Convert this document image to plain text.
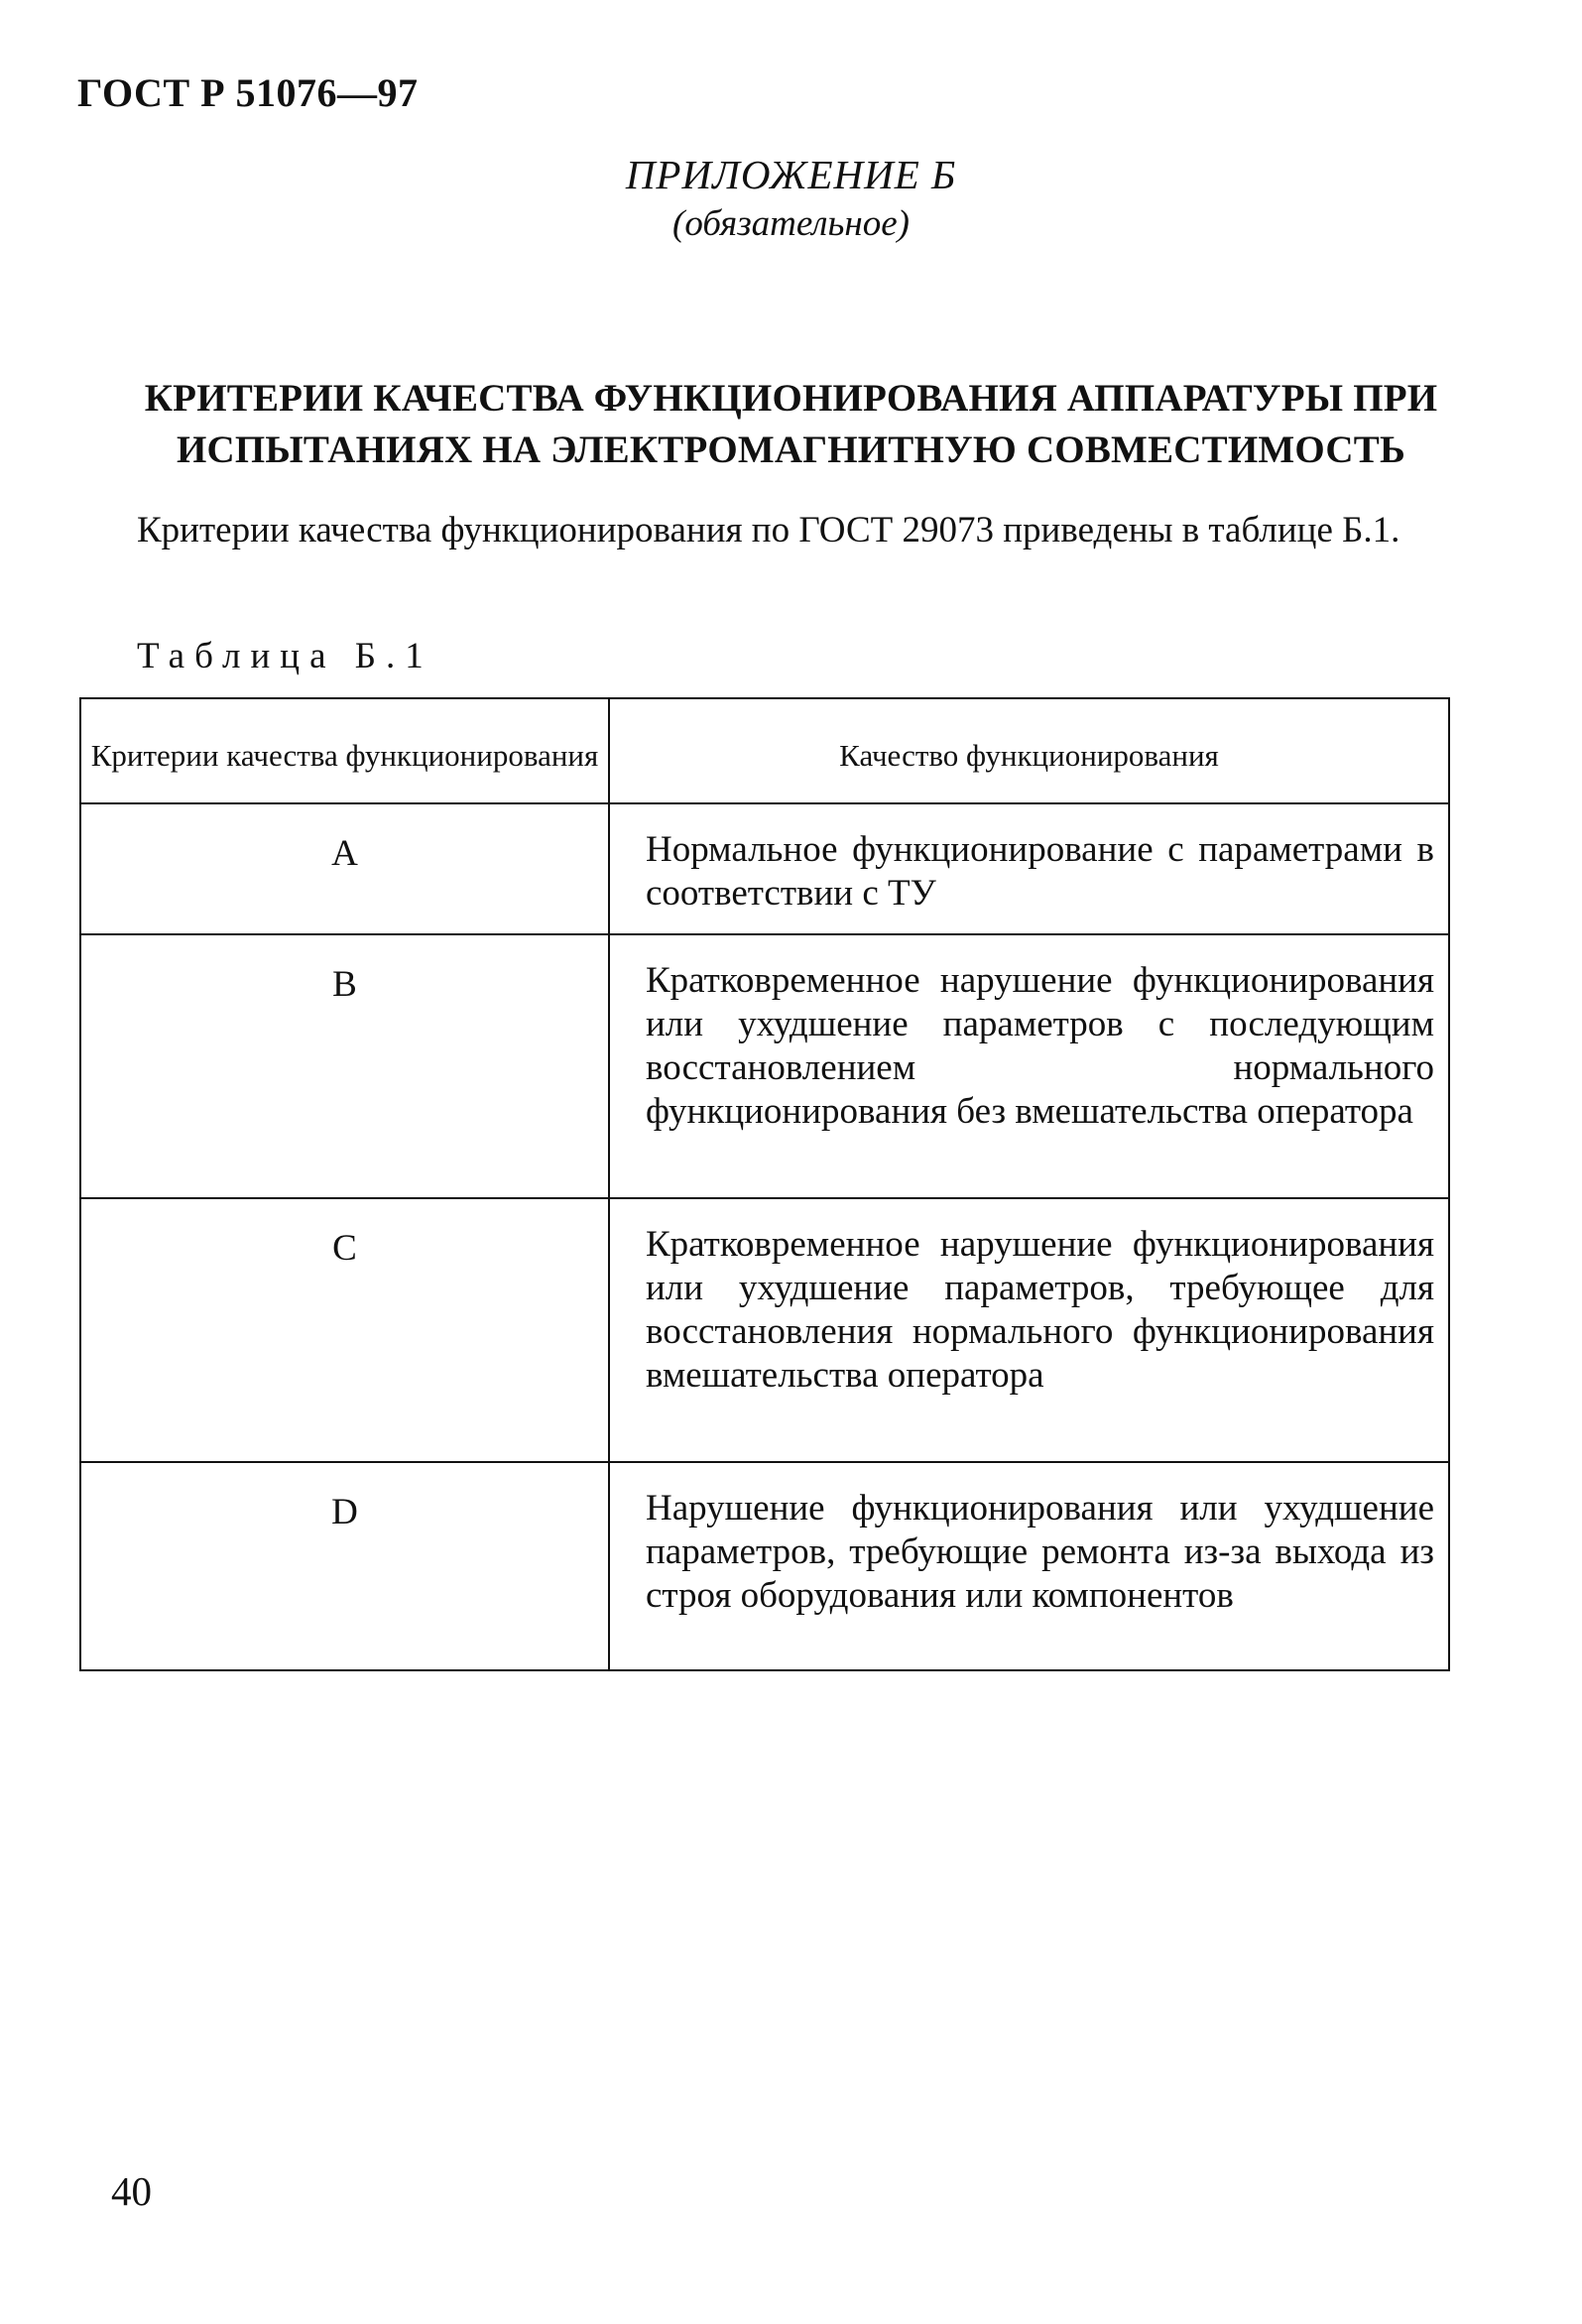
ГОСТ Р 51076—97
ПРИЛОЖЕНИЕ Б
(обязательное)
КРИТЕРИИ КАЧЕСТВА ФУНКЦИОНИРОВАНИЯ АППАРАТУРЫ ПРИ
ИСПЫТАНИЯХ НА ЭЛЕКТРОМАГНИТНУЮ СОВМЕСТИМОСТЬ

Критерии качества функционирования по ГОСТ 29073 приведены в таблице Б.1.

Таблица Б.1
Критерии качества функционирования	Качество функционирования
A	Нормальное функционирование с параметрами в соответствии с ТУ
B	Кратковременное нарушение функционирования или ухудшение параметров с последующим восстановлением нормального функционирования без вмешательства оператора
C	Кратковременное нарушение функционирования или ухудшение параметров, требующее для восстановления нормального функционирования вмешательства оператора
D	Нарушение функционирования или ухудшение параметров, требующие ремонта из-за выхода из строя оборудования или компонентов
40
